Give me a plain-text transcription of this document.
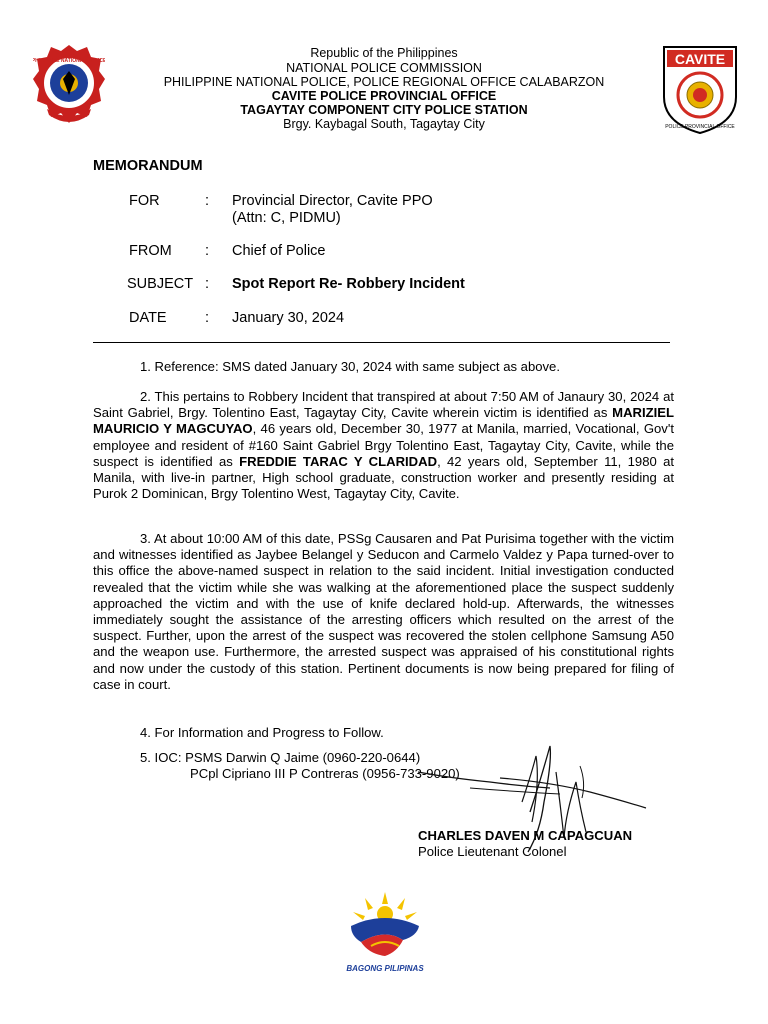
PHILIPPINE NATIONAL POLICE	CAVITE
POLICE PROVINCIAL OFFICE
Republic of the Philippines
NATIONAL POLICE COMMISSION
PHILIPPINE NATIONAL POLICE, POLICE REGIONAL OFFICE CALABARZON
CAVITE POLICE PROVINCIAL OFFICE
TAGAYTAY COMPONENT CITY POLICE STATION
Brgy. Kaybagal South, Tagaytay City
MEMORANDUM
FOR	: Provincial Director, Cavite PPO
(Attn: C, PIDMU)
FROM : Chief of Police
SUBJECT : Spot Report Re- Robbery Incident
DATE	: January 30, 2024
1. Reference: SMS dated January 30, 2024 with same subject as above.
2. This pertains to Robbery Incident that transpired at about 7:50 AM of Janaury 30, 2024 at Saint Gabriel, Brgy. Tolentino East, Tagaytay City, Cavite wherein victim is identified as MARIZIEL MAURICIO Y MAGCUYAO, 46 years old, December 30, 1977 at Manila, married, Vocational, Gov't employee and resident of #160 Saint Gabriel Brgy Tolentino East, Tagaytay City, Cavite, while the suspect is identified as FREDDIE TARAC Y CLARIDAD, 42 years old, September 11, 1980 at Manila, with live-in partner, High school graduate, construction worker and presently residing at Purok 2 Dominican, Brgy Tolentino West, Tagaytay City, Cavite.
3. At about 10:00 AM of this date, PSSg Causaren and Pat Purisima together with the victim and witnesses identified as Jaybee Belangel y Seducon and Carmelo Valdez y Papa turned-over to this office the above-named suspect in relation to the said incident. Initial investigation conducted revealed that the victim while she was walking at the aforementioned place the suspect suddenly approached the victim and with the use of knife declared hold-up. Afterwards, the witnesses immediately sought the assistance of the arresting officers which resulted on the arrest of the suspect. Further, upon the arrest of the suspect was recovered the stolen cellphone Samsung A50 and the weapon use. Furthermore, the arrested suspect was appraised of his constitutional rights and now under the custody of this station. Pertinent documents is now being prepared for filing of case in court.
4. For Information and Progress to Follow.
5. IOC: PSMS Darwin Q Jaime (0960-220-0644)
PCpl Cipriano III P Contreras (0956-733-9020)
CHARLES DAVEN M CAPAGCUAN
Police Lieutenant Colonel
BAGONG PILIPINAS
